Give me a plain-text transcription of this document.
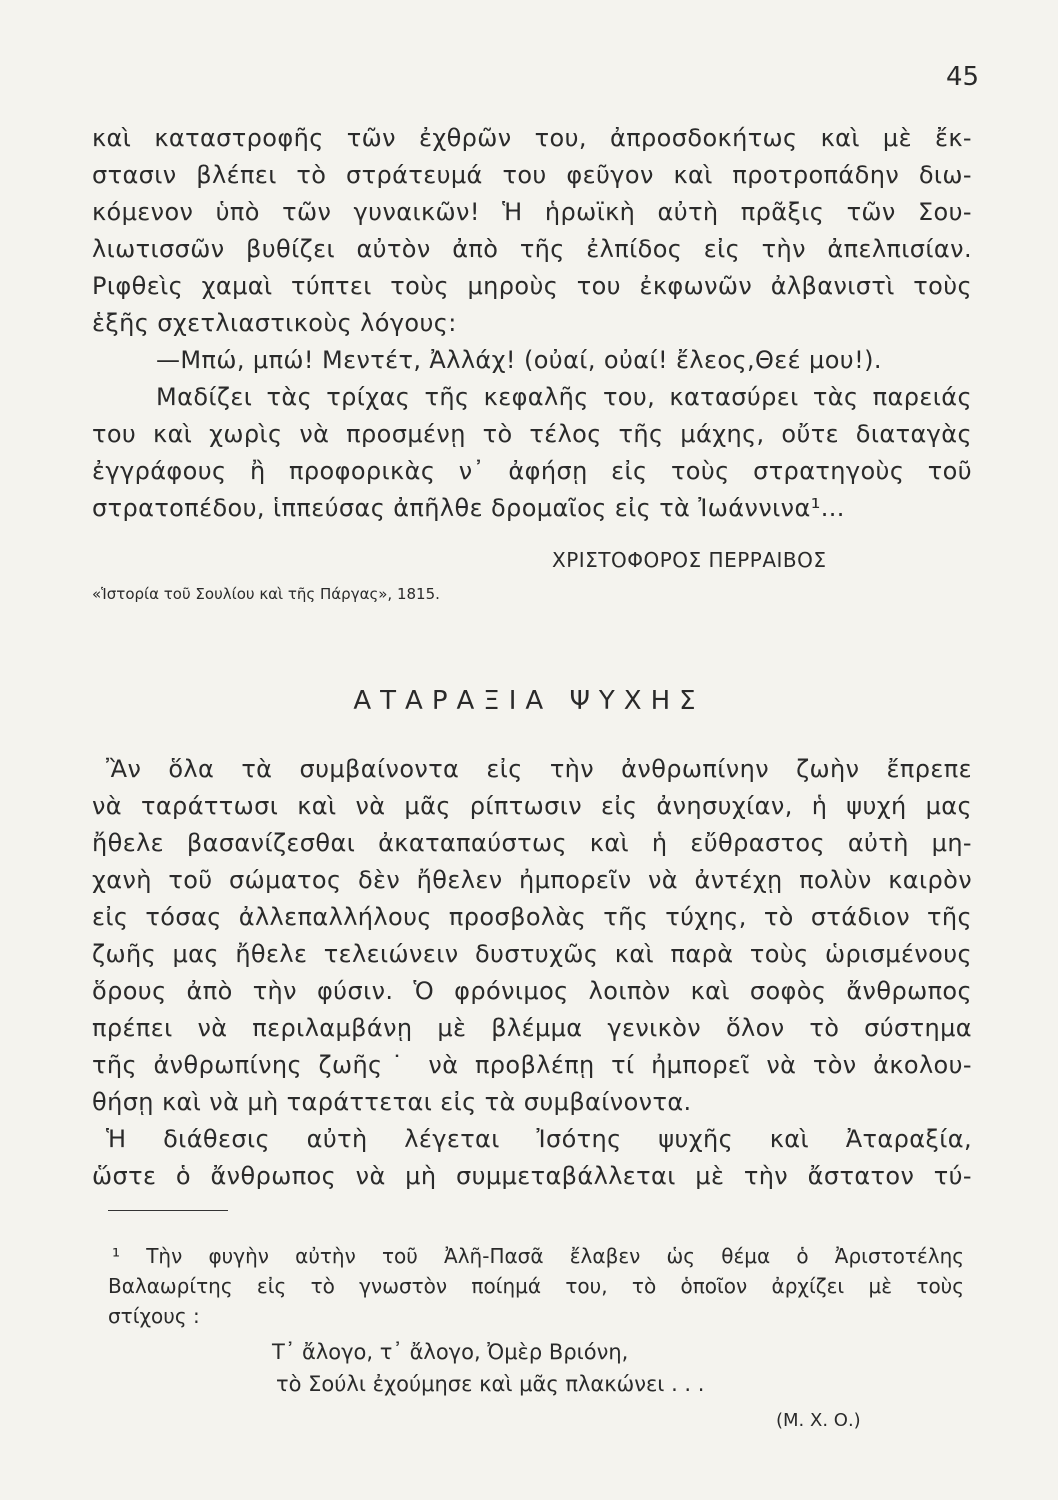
45
καὶ καταστροφῆς τῶν ἐχθρῶν του, ἀπροσδοκήτως καὶ μὲ ἔκ-
στασιν βλέπει τὸ στράτευμά του φεῦγον καὶ προτροπάδην διω-
κόμενον ὑπὸ τῶν γυναικῶν! Ἡ ἡρωϊκὴ αὐτὴ πρᾶξις τῶν Σου-
λιωτισσῶν βυθίζει αὐτὸν ἀπὸ τῆς ἐλπίδος εἰς τὴν ἀπελπισίαν.
Ριφθεὶς χαμαὶ τύπτει τοὺς μηροὺς του ἐκφωνῶν ἀλβανιστὶ τοὺς
ἑξῆς σχετλιαστικοὺς λόγους:
—Μπώ, μπώ! Μεντέτ, Ἀλλάχ! (οὐαί, οὐαί! ἔλεος,Θεέ μου!).
Μαδίζει τὰς τρίχας τῆς κεφαλῆς του, κατασύρει τὰς παρειάς
του καὶ χωρὶς νὰ προσμένῃ τὸ τέλος τῆς μάχης, οὔτε διαταγὰς
ἐγγράφους ἢ προφορικὰς ν᾽ ἀφήσῃ εἰς τοὺς στρατηγοὺς τοῦ
στρατοπέδου, ἱππεύσας ἀπῆλθε δρομαῖος εἰς τὰ Ἰωάννινα¹...
ΧΡΙΣΤΟΦΟΡΟΣ ΠΕΡΡΑΙΒΟΣ
«Ἱστορία τοῦ Σουλίου καὶ τῆς Πάργας», 1815.
ΑΤΑΡΑΞΙΑ ΨΥΧΗΣ
Ἂν ὅλα τὰ συμβαίνοντα εἰς τὴν ἀνθρωπίνην ζωὴν ἔπρεπε
νὰ ταράττωσι καὶ νὰ μᾶς ρίπτωσιν εἰς ἀνησυχίαν, ἡ ψυχή μας
ἤθελε βασανίζεσθαι ἀκαταπαύστως καὶ ἡ εὔθραστος αὐτὴ μη-
χανὴ τοῦ σώματος δὲν ἤθελεν ἠμπορεῖν νὰ ἀντέχῃ πολὺν καιρὸν
εἰς τόσας ἀλλεπαλλήλους προσβολὰς τῆς τύχης, τὸ στάδιον τῆς
ζωῆς μας ἤθελε τελειώνειν δυστυχῶς καὶ παρὰ τοὺς ὡρισμένους
ὅρους ἀπὸ τὴν φύσιν. Ὁ φρόνιμος λοιπὸν καὶ σοφὸς ἄνθρωπος
πρέπει νὰ περιλαμβάνῃ μὲ βλέμμα γενικὸν ὅλον τὸ σύστημα
τῆς ἀνθρωπίνης ζωῆς˙ νὰ προβλέπῃ τί ἠμπορεῖ νὰ τὸν ἀκολου-
θήσῃ καὶ νὰ μὴ ταράττεται εἰς τὰ συμβαίνοντα.
Ἡ διάθεσις αὐτὴ λέγεται Ἰσότης ψυχῆς καὶ Ἀταραξία,
ὥστε ὁ ἄνθρωπος νὰ μὴ συμμεταβάλλεται μὲ τὴν ἄστατον τύ-
¹ Τὴν φυγὴν αὐτὴν τοῦ Ἀλῆ-Πασᾶ ἔλαβεν ὡς θέμα ὁ Ἀριστοτέλης
Βαλαωρίτης εἰς τὸ γνωστὸν ποίημά του, τὸ ὁποῖον ἀρχίζει μὲ τοὺς
στίχους :
Τ᾽ ἄλογο, τ᾽ ἄλογο, Ὀμὲρ Βριόνη,
τὸ Σούλι ἐχούμησε καὶ μᾶς πλακώνει . . .
(Μ. Χ. Ο.)
